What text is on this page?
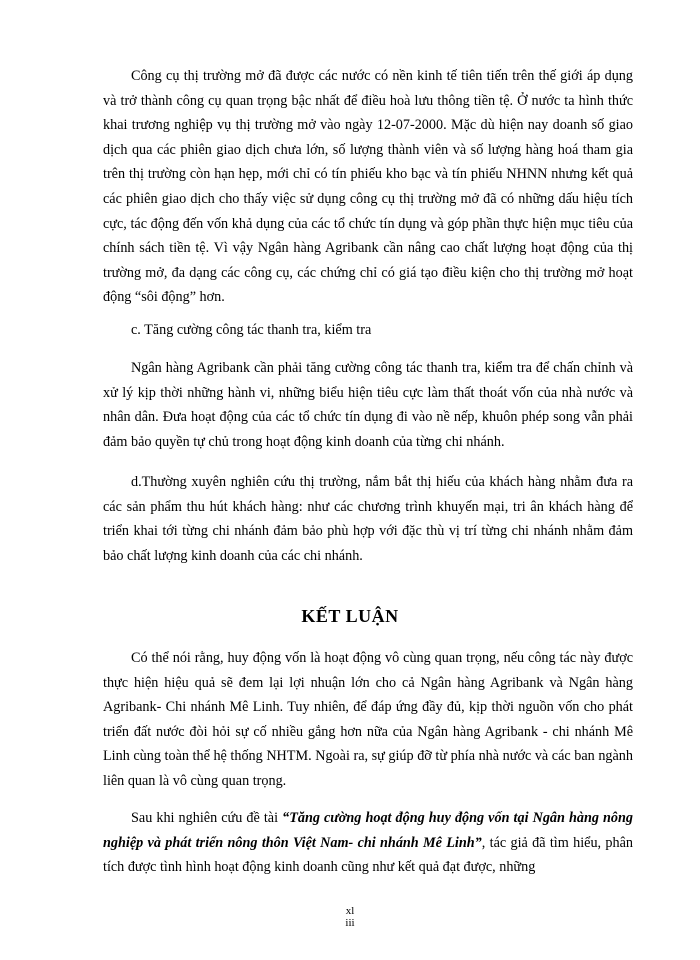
Công cụ thị trường mở đã được các nước có nền kinh tế tiên tiến trên thế giới áp dụng và trở thành công cụ quan trọng bậc nhất để điều hoà lưu thông tiền tệ. Ở nước ta hình thức khai trương nghiệp vụ thị trường mở vào ngày 12-07-2000. Mặc dù hiện nay doanh số giao dịch qua các phiên giao dịch chưa lớn, số lượng thành viên và số lượng hàng hoá tham gia trên thị trường còn hạn hẹp, mới chỉ có tín phiếu kho bạc và tín phiếu NHNN nhưng kết quả các phiên giao dịch cho thấy việc sử dụng công cụ thị trường mở đã có những dấu hiệu tích cực, tác động đến vốn khả dụng của các tổ chức tín dụng và góp phần thực hiện mục tiêu của chính sách tiền tệ. Vì vậy Ngân hàng Agribank cần nâng cao chất lượng hoạt động của thị trường mở, đa dạng các công cụ, các chứng chỉ có giá tạo điều kiện cho thị trường mở hoạt động “sôi động” hơn.

c. Tăng cường công tác thanh tra, kiểm tra

Ngân hàng Agribank cần phải tăng cường công tác thanh tra, kiểm tra để chấn chỉnh và xử lý kịp thời những hành vi, những biểu hiện tiêu cực làm thất thoát vốn của nhà nước và nhân dân. Đưa hoạt động của các tổ chức tín dụng đi vào nề nếp, khuôn phép song vẫn phải đảm bảo quyền tự chủ trong hoạt động kinh doanh của từng chi nhánh.

d.Thường xuyên nghiên cứu thị trường, nắm bắt thị hiếu của khách hàng nhằm đưa ra các sản phẩm thu hút khách hàng: như các chương trình khuyến mại, tri ân khách hàng để triển khai tới từng chi nhánh đảm bảo phù hợp với đặc thù vị trí từng chi nhánh nhằm đảm bảo chất lượng kinh doanh của các chi nhánh.

KẾT LUẬN

Có thể nói rằng, huy động vốn là hoạt động vô cùng quan trọng, nếu công tác này được thực hiện hiệu quả sẽ đem lại lợi nhuận lớn cho cả Ngân hàng Agribank và Ngân hàng Agribank- Chi nhánh Mê Linh. Tuy nhiên, để đáp ứng đầy đủ, kịp thời nguồn vốn cho phát triển đất nước đòi hỏi sự cố nhiều gắng hơn nữa của Ngân hàng Agribank - chi nhánh Mê Linh cùng toàn thể hệ thống NHTM. Ngoài ra, sự giúp đỡ từ phía nhà nước và các ban ngành liên quan là vô cùng quan trọng.

Sau khi nghiên cứu đề tài “Tăng cường hoạt động huy động vốn tại Ngân hàng nông nghiệp và phát triển nông thôn Việt Nam- chi nhánh Mê Linh”, tác giả đã tìm hiểu, phân tích được tình hình hoạt động kinh doanh cũng như kết quả đạt được, những

xl

iii
